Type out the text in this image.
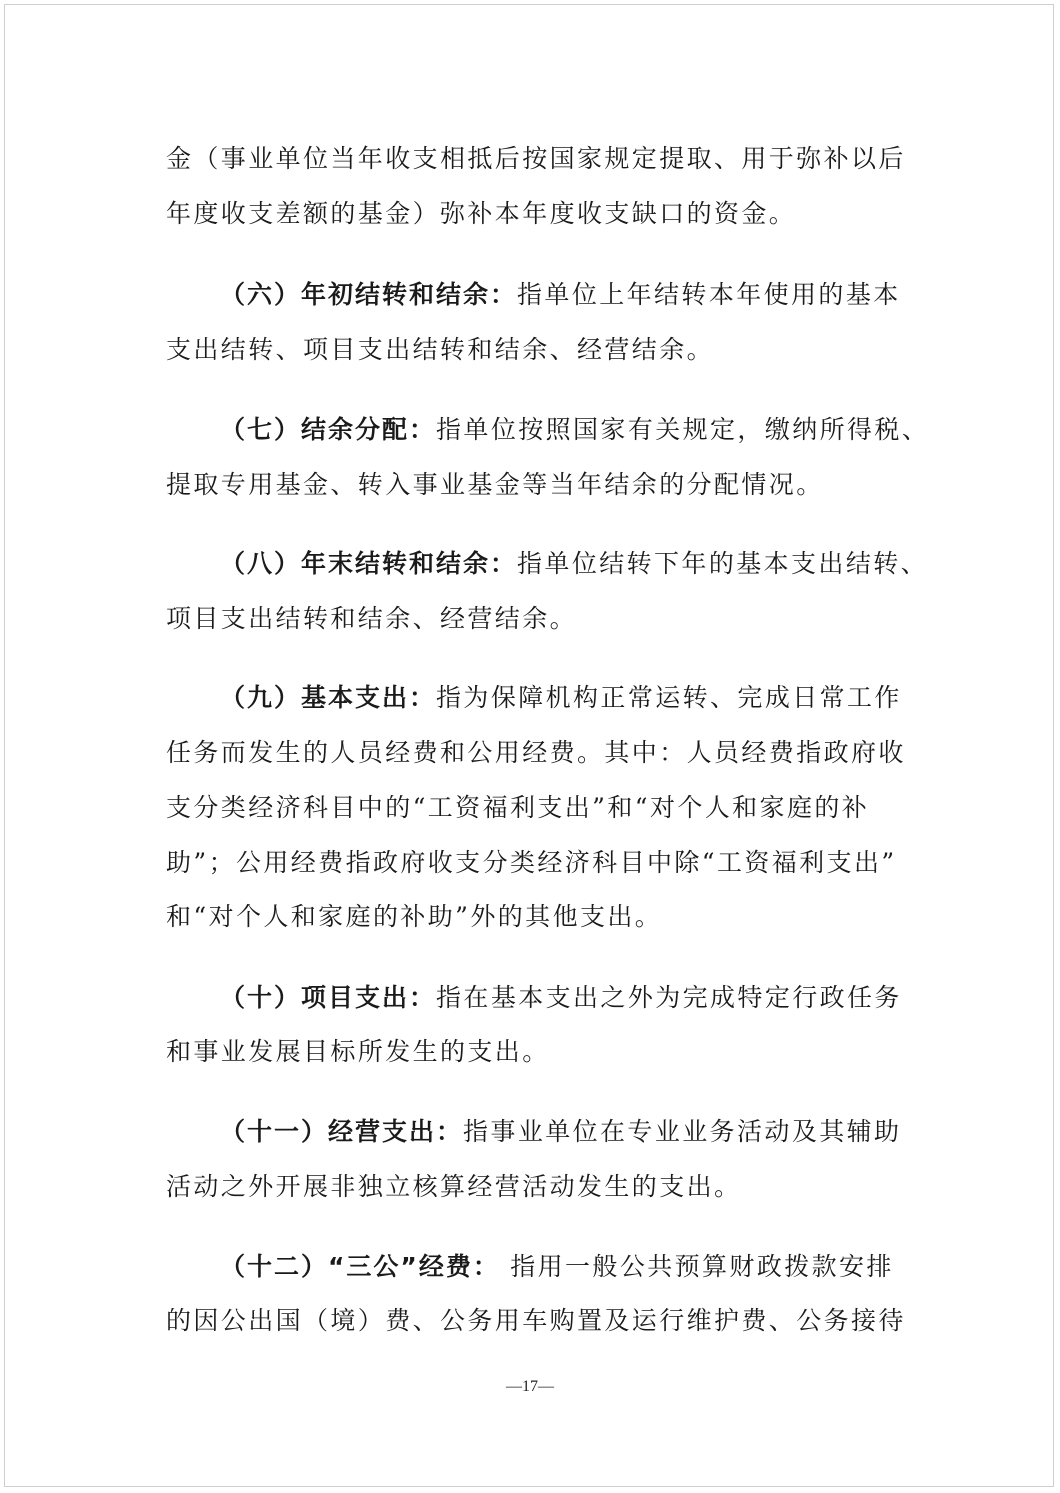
金（事业单位当年收支相抵后按国家规定提取、用于弥补以后
年度收支差额的基金）弥补本年度收支缺口的资金。
（六）年初结转和结余：指单位上年结转本年使用的基本
支出结转、项目支出结转和结余、经营结余。
（七）结余分配：指单位按照国家有关规定，缴纳所得税、
提取专用基金、转入事业基金等当年结余的分配情况。
（八）年末结转和结余：指单位结转下年的基本支出结转、
项目支出结转和结余、经营结余。
（九）基本支出：指为保障机构正常运转、完成日常工作
任务而发生的人员经费和公用经费。其中：人员经费指政府收
支分类经济科目中的“工资福利支出”和“对个人和家庭的补
助”；公用经费指政府收支分类经济科目中除“工资福利支出”
和“对个人和家庭的补助”外的其他支出。
（十）项目支出：指在基本支出之外为完成特定行政任务
和事业发展目标所发生的支出。
（十一）经营支出：指事业单位在专业业务活动及其辅助
活动之外开展非独立核算经营活动发生的支出。
（十二）“三公”经费： 指用一般公共预算财政拨款安排
的因公出国（境）费、公务用车购置及运行维护费、公务接待
—17—
